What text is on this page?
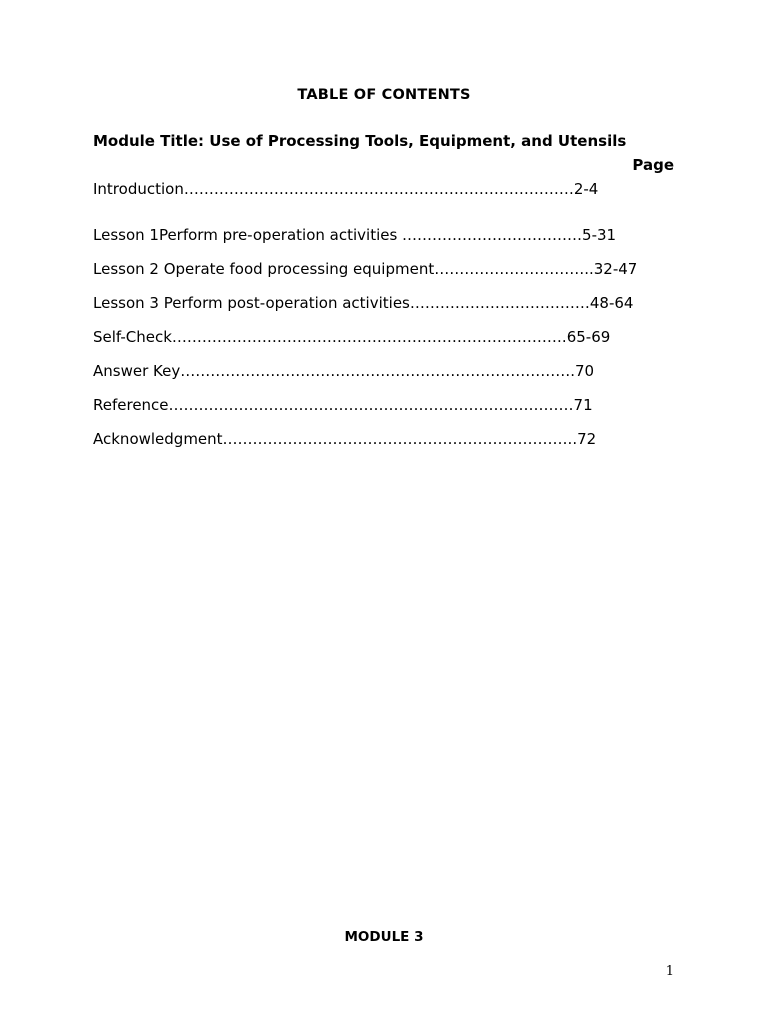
TABLE OF CONTENTS
Module Title: Use of Processing Tools, Equipment, and Utensils
Page
Introduction……………………………………………………………………2-4
Lesson 1Perform pre-operation activities ………………………………5-31
Lesson 2 Operate food processing equipment…………………………..32-47
Lesson 3 Perform post-operation activities………………………………48-64
Self-Check…………………………………………………………………….65-69
Answer Key…………………………………………………………………….70
Reference………………………………………………………………………71
Acknowledgment……………………………………………………………..72
MODULE 3
1
